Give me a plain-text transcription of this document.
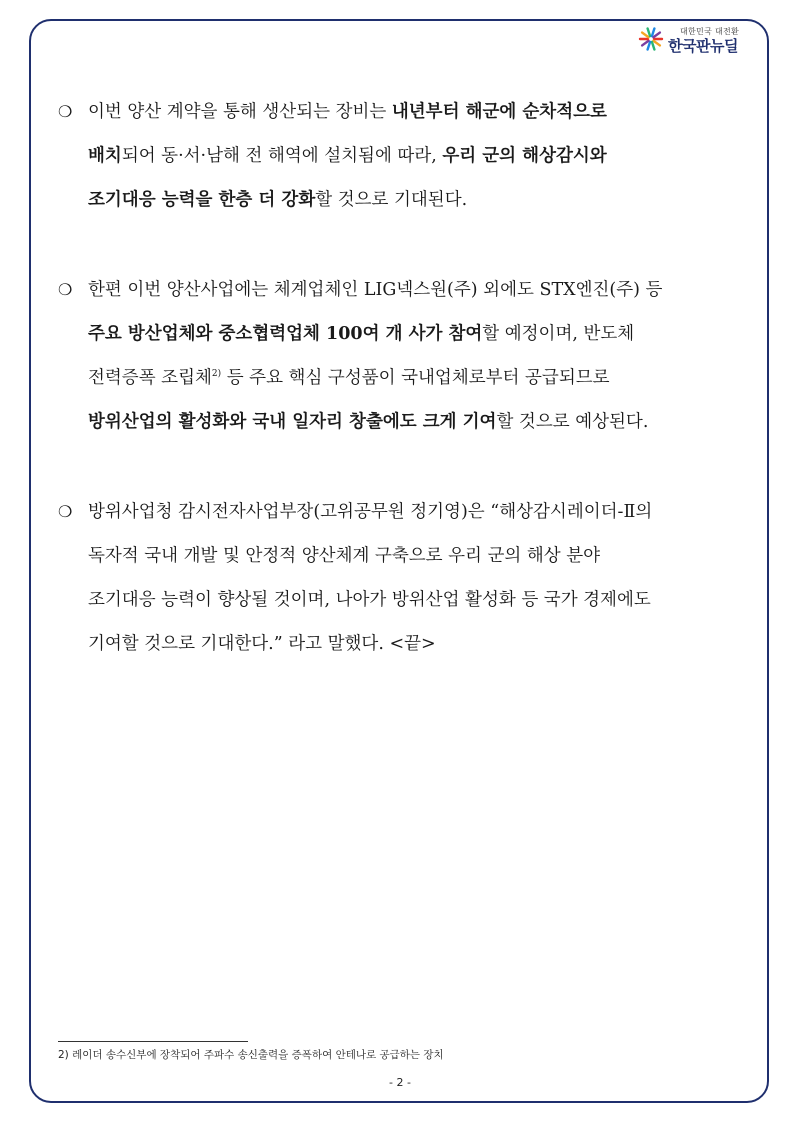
대한민국 대전환
한국판뉴딜
❍ 이번 양산 계약을 통해 생산되는 장비는 내년부터 해군에 순차적으로
배치되어 동·서·남해 전 해역에 설치됨에 따라, 우리 군의 해상감시와
조기대응 능력을 한층 더 강화할 것으로 기대된다.
❍ 한편 이번 양산사업에는 체계업체인 LIG넥스원(주) 외에도 STX엔진(주) 등
주요 방산업체와 중소협력업체 100여 개 사가 참여할 예정이며, 반도체
전력증폭 조립체$^{2)}$ 등 주요 핵심 구성품이 국내업체로부터 공급되므로
방위산업의 활성화와 국내 일자리 창출에도 크게 기여할 것으로 예상된다.
❍ 방위사업청 감시전자사업부장(고위공무원 정기영)은 “해상감시레이더-Ⅱ의
독자적 국내 개발 및 안정적 양산체계 구축으로 우리 군의 해상 분야
조기대응 능력이 향상될 것이며, 나아가 방위산업 활성화 등 국가 경제에도
기여할 것으로 기대한다.” 라고 말했다. <끝>
2) 레이더 송수신부에 장착되어 주파수 송신출력을 증폭하여 안테나로 공급하는 장치
- 2 -
